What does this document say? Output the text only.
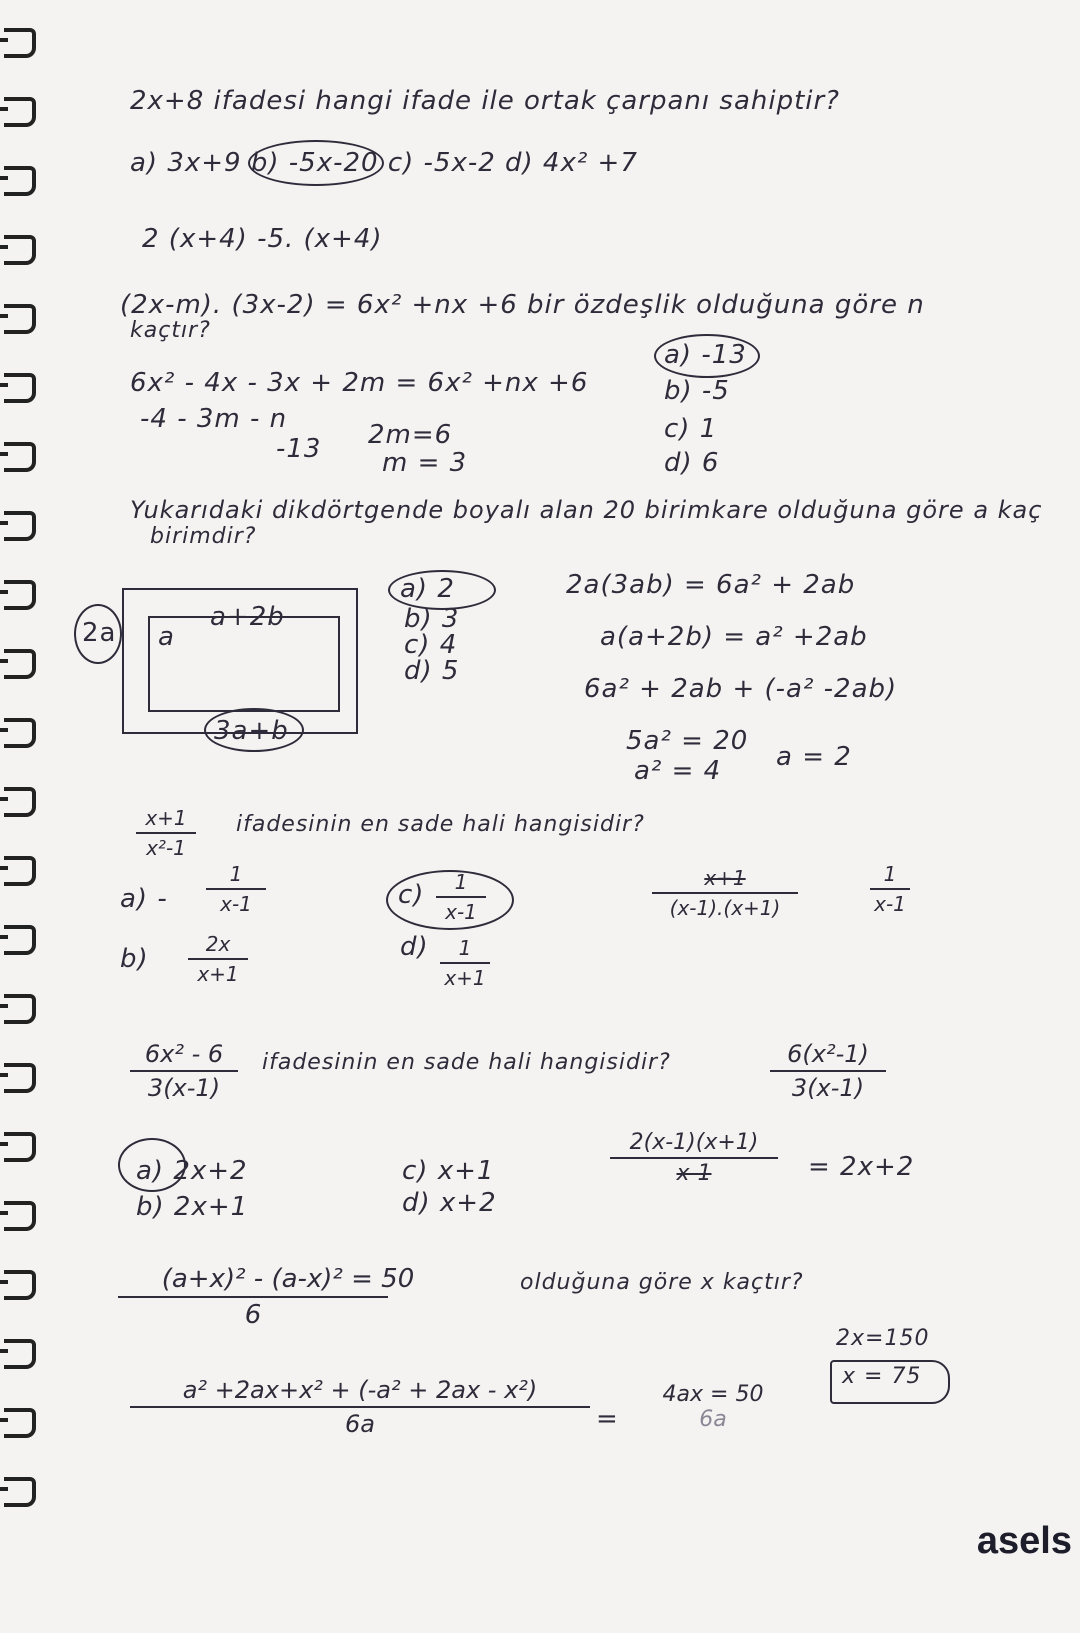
2x+8 ifadesi hangi ifade ile ortak çarpanı sahiptir?
a) 3x+9 b) -5x-20 c) -5x-2 d) 4x² +7
2 (x+4) -5. (x+4)
(2x-m). (3x-2) = 6x² +nx +6 bir özdeşlik olduğuna göre n
kaçtır?
6x² - 4x - 3x + 2m = 6x² +nx +6
-4 - 3m - n
-13 2m=6
m = 3
a) -13
b) -5
c) 1
d) 6
Yukarıdaki dikdörtgende boyalı alan 20 birimkare olduğuna göre a kaç
birimdir?
2a a
a+2b
3a+b
a) 2
b) 3
c) 4
d) 5
2a(3ab) = 6a² + 2ab
a(a+2b) = a² +2ab
6a² + 2ab + (-a² -2ab)
5a² = 20
a² = 4 a = 2
x+1
x²-1
ifadesinin en sade hali hangisidir?
a) -
1
x-1
b)	2x
x+1
c)	1
x-1
d)	1
x+1
x+1
(x-1).(x+1)
1
x-1
6x² - 6
3(x-1)
ifadesinin en sade hali hangisidir?	6(x²-1)
3(x-1)
a) 2x+2
b) 2x+1
c) x+1
d) x+2
2(x-1)(x+1)
x-1	= 2x+2
(a+x)² - (a-x)² = 50
6
olduğuna göre x kaçtır?
2x=150
x = 75
a² +2ax+x² + (-a² + 2ax - x²)
6a	=
4ax = 50
6a
asels
